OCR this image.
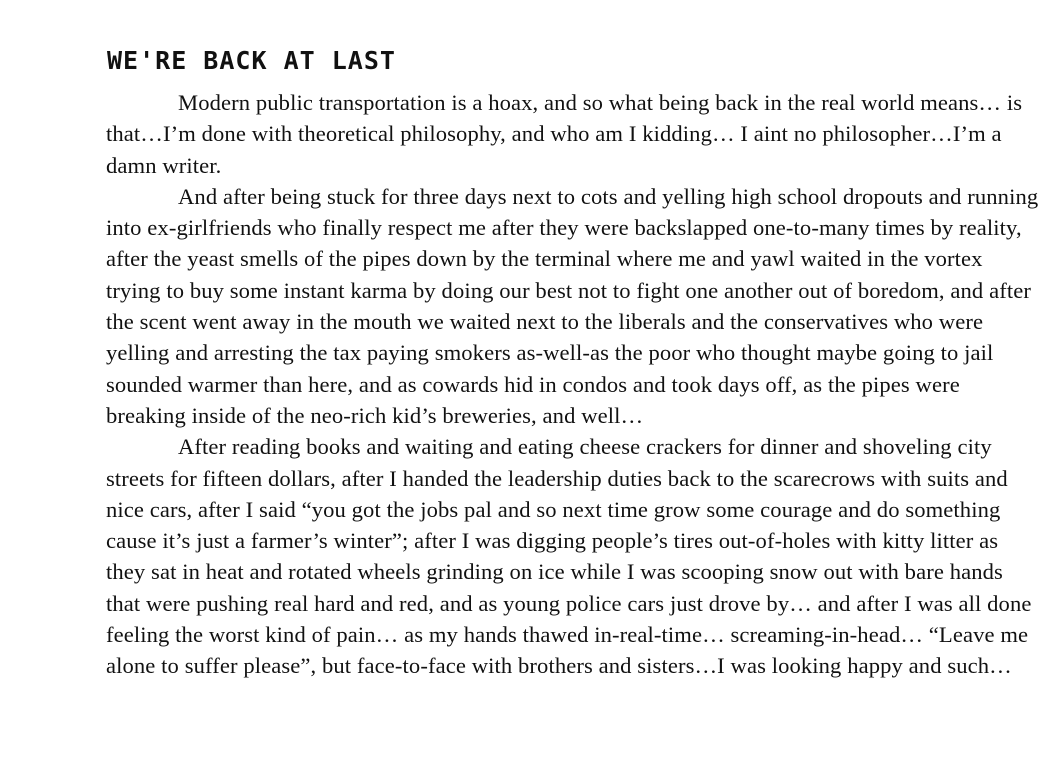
WE'RE BACK AT LAST

Modern public transportation is a hoax, and so what being back in the real world means… is that…I’m done with theoretical philosophy, and who am I kidding… I aint no philosopher…I’m a damn writer.

And after being stuck for three days next to cots and yelling high school dropouts and running into ex-girlfriends who finally respect me after they were backslapped one-to-many times by reality, after the yeast smells of the pipes down by the terminal where me and yawl waited in the vortex trying to buy some instant karma by doing our best not to fight one another out of boredom, and after the scent went away in the mouth we waited next to the liberals and the conservatives who were yelling and arresting the tax paying smokers as-well-as the poor who thought maybe going to jail sounded warmer than here, and as cowards hid in condos and took days off, as the pipes were breaking inside of the neo-rich kid’s breweries, and well…

After reading books and waiting and eating cheese crackers for dinner and shoveling city streets for fifteen dollars, after I handed the leadership duties back to the scarecrows with suits and nice cars, after I said “you got the jobs pal and so next time grow some courage and do something cause it’s just a farmer’s winter”; after I was digging people’s tires out-of-holes with kitty litter as they sat in heat and rotated wheels grinding on ice while I was scooping snow out with bare hands that were pushing real hard and red, and as young police cars just drove by… and after I was all done feeling the worst kind of pain… as my hands thawed in-real-time… screaming-in-head… “Leave me alone to suffer please”, but face-to-face with brothers and sisters…I was looking happy and such…
